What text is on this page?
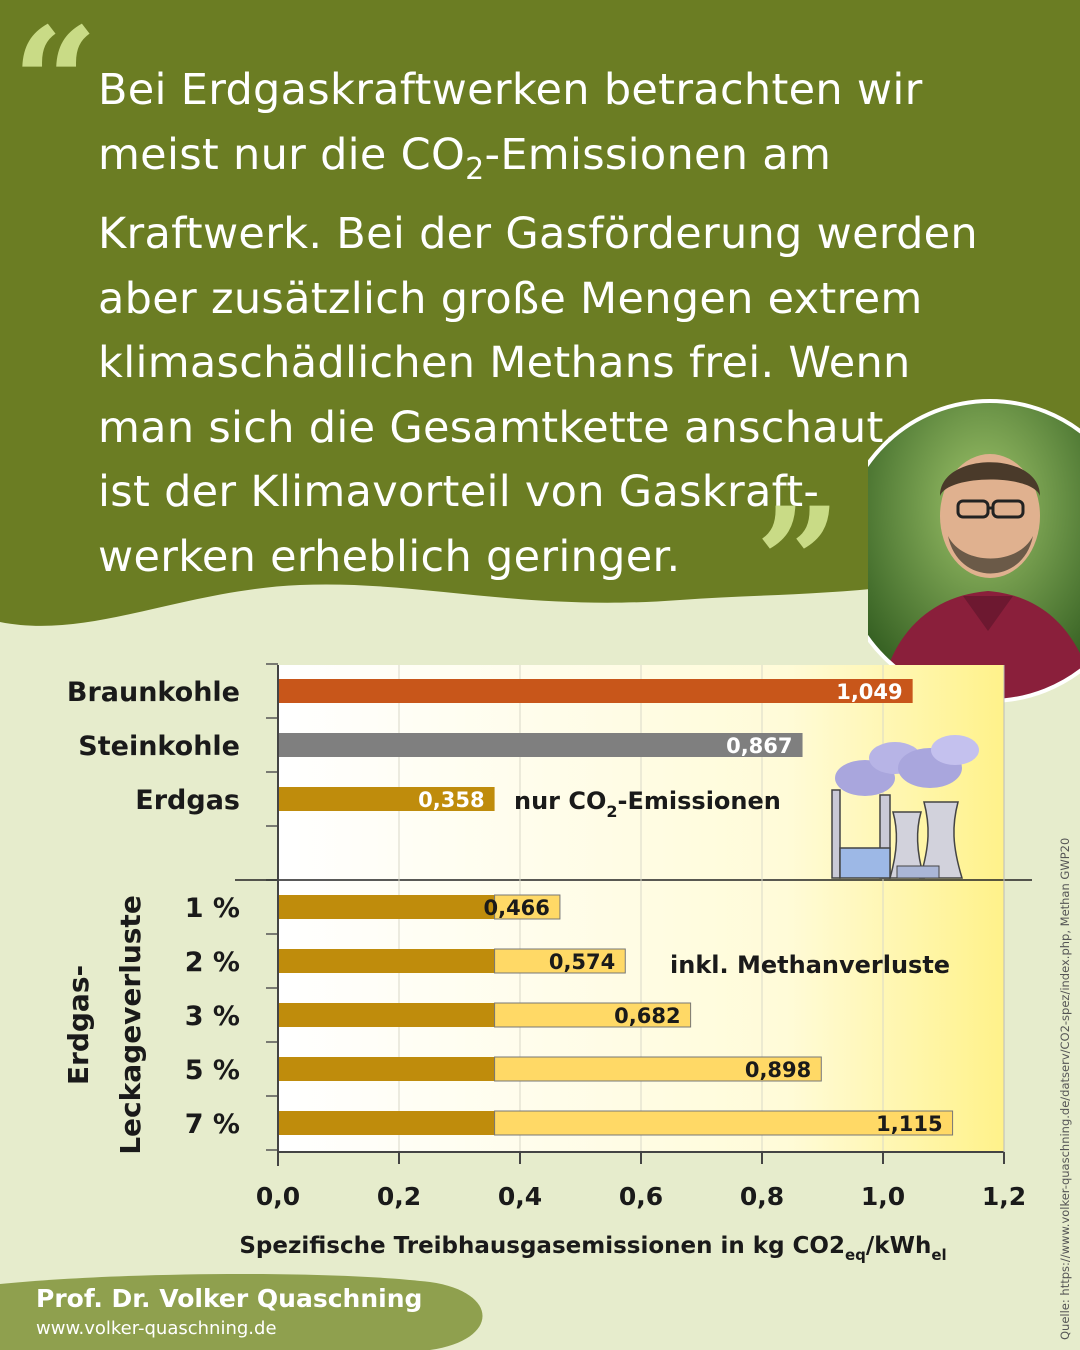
“ Bei Erdgaskraftwerken betrachten wir
meist nur die $CO_2$-Emissionen am
Kraftwerk. Bei der Gasförderung werden
aber zusätzlich große Mengen extrem
klimaschädlichen Methans frei. Wenn
man sich die Gesamtkette anschaut,
ist der Klimavorteil von Gaskraft-
werken erheblich geringer. ”
Braunkohle
Steinkohle
Erdgas
1 %
2 %
3 %
5 %
7 %
1,049
0,867
0,358
0,466
0,574
0,682
0,898
1,115
0,0	0,2	0,4	0,6	0,8	1,0	1,2
nur $CO_2$-Emissionen
inkl. Methanverluste
Erdgas- Leckageverluste
Spezifische Treibhausgasemissionen in kg $CO2_{eq}/kWh_{el}$
Prof. Dr. Volker Quaschning
www.volker-quaschning.de	Quelle: https://www.volker-quaschning.de/datserv/CO2-spez/index.php, Methan GWP20
